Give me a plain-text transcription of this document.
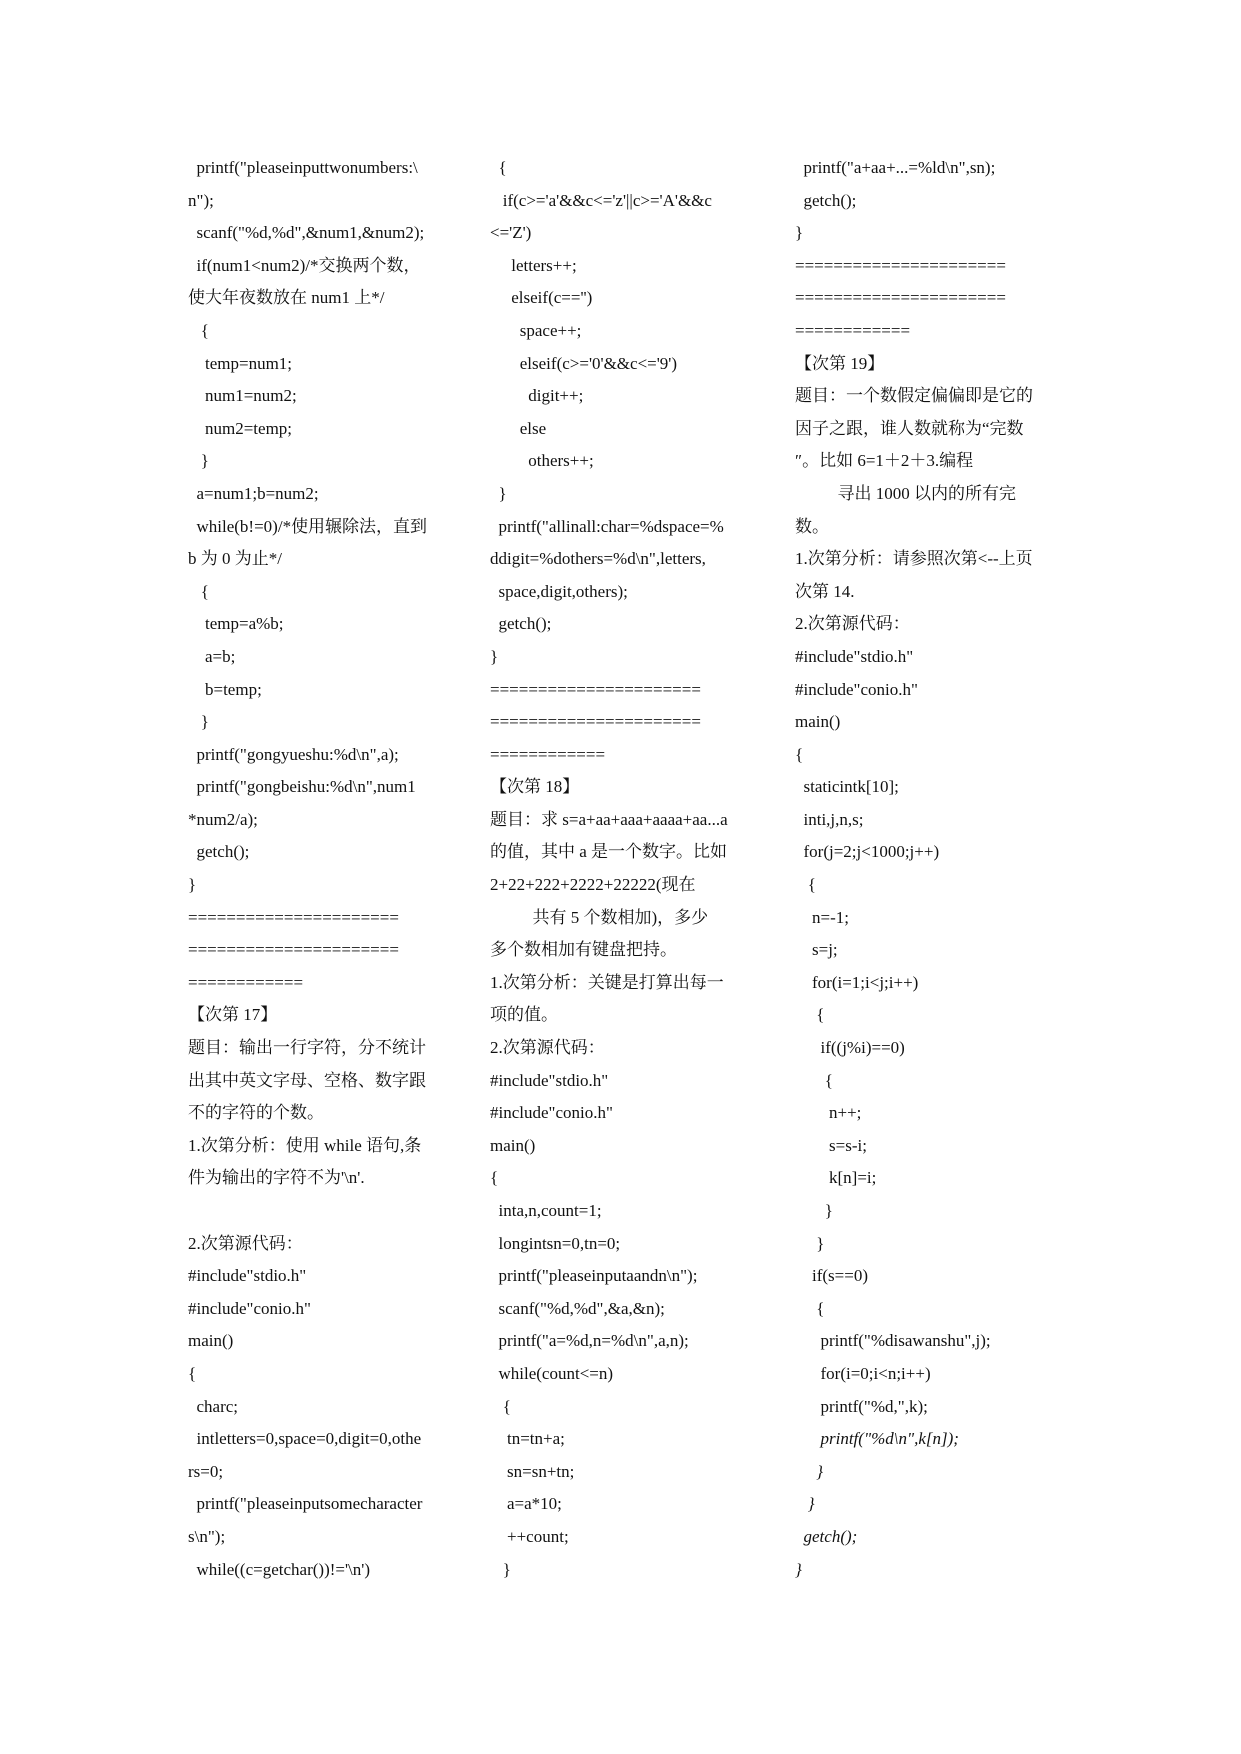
printf("pleaseinputtwonumbers:\
n");
scanf("%d,%d",&num1,&num2);
if(num1<num2)/*交换两个数，
使大年夜数放在 num1 上*/
{
temp=num1;
num1=num2;
num2=temp;
}
a=num1;b=num2;
while(b!=0)/*使用辗除法，直到
b 为 0 为止*/
{
temp=a%b;
a=b;
b=temp;
}
printf("gongyueshu:%d\n",a);
printf("gongbeishu:%d\n",num1
*num2/a);
getch();
}
======================
======================
============
【次第 17】
题目：输出一行字符，分不统计
出其中英文字母、空格、数字跟
不的字符的个数。
1.次第分析：使用 while 语句,条
件为输出的字符不为'\n'.
2.次第源代码：
#include"stdio.h"
#include"conio.h"
main()
{
charc;
intletters=0,space=0,digit=0,othe
rs=0;
printf("pleaseinputsomecharacter
s\n");
while((c=getchar())!='\n')
{
if(c>='a'&&c<='z'||c>='A'&&c
<='Z')
letters++;
elseif(c=='')
space++;
elseif(c>='0'&&c<='9')
digit++;
else
others++;
}
printf("allinall:char=%dspace=%
ddigit=%dothers=%d\n",letters,
space,digit,others);
getch();
}
======================
======================
============
【次第 18】
题目：求 s=a+aa+aaa+aaaa+aa...a
的值，其中 a 是一个数字。比如
2+22+222+2222+22222(现在
共有 5 个数相加)，多少
多个数相加有键盘把持。
1.次第分析：关键是打算出每一
项的值。
2.次第源代码：
#include"stdio.h"
#include"conio.h"
main()
{
inta,n,count=1;
longintsn=0,tn=0;
printf("pleaseinputaandn\n");
scanf("%d,%d",&a,&n);
printf("a=%d,n=%d\n",a,n);
while(count<=n)
{
tn=tn+a;
sn=sn+tn;
a=a*10;
++count;
}
printf("a+aa+...=%ld\n",sn);
getch();
}
======================
======================
============
【次第 19】
题目：一个数假定偏偏即是它的
因子之跟，谁人数就称为“完数
″。比如 6=1＋2＋3.编程
寻出 1000 以内的所有完
数。
1.次第分析：请参照次第<--上页
次第 14.
2.次第源代码：
#include"stdio.h"
#include"conio.h"
main()
{
staticintk[10];
inti,j,n,s;
for(j=2;j<1000;j++)
{
n=-1;
s=j;
for(i=1;i<j;i++)
{
if((j%i)==0)
{
n++;
s=s-i;
k[n]=i;
}
}
if(s==0)
{
printf("%disawanshu",j);
for(i=0;i<n;i++)
printf("%d,",k);
printf("%d\n",k[n]);
}
}
getch();
}
